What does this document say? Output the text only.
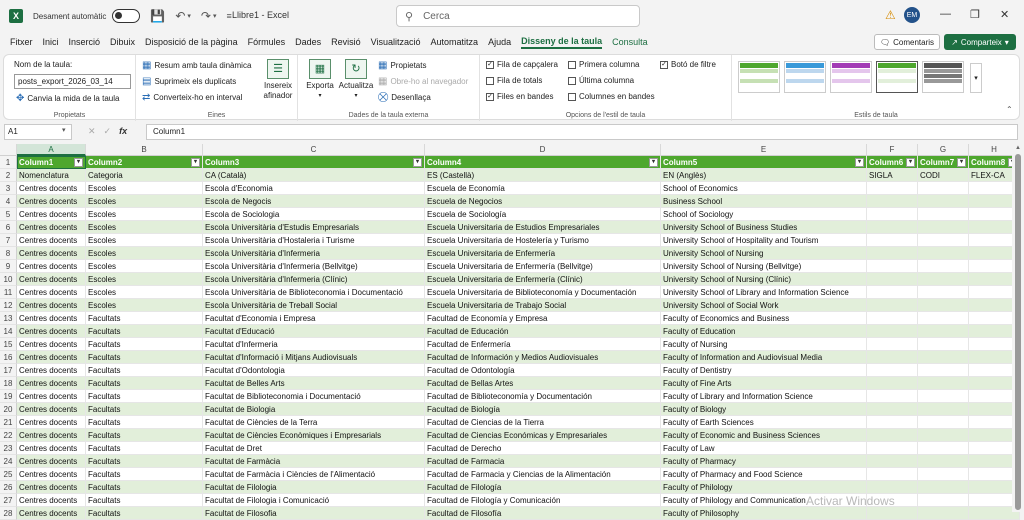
X	Desament automàtic	💾 ↶ ▾ ↷ ▾ ≡ Llibre1 - Excel	⚲ Cerca	⚠	EM — ❐ ✕
Fitxer Inici Inserció Dibuix Disposició de la pàgina Fórmules Dades Revisió Visualització Automatitza Ajuda Disseny de la taula Consulta	🗨 Comentaris ↗ Comparteix ▾
Nom de la taula:
posts_export_2026_03_14
✥ Canvia la mida de la taula
Propietats
▦ Resum amb taula dinàmica
▤ Suprimeix els duplicats
⇄ Converteix-ho en interval
☰
Insereix afinador
Eines
▦
Exporta
▾
↻
Actualitza
▾
▦ Propietats
▦ Obre-ho al navegador
⛒ Desenllaça
Dades de la taula externa
✓ Fila de capçalera
Fila de totals
✓ Files en bandes
Primera columna
Última columna
Columnes en bandes
✓ Botó de filtre
Opcions de l'estil de taula	Estils de taula
▾
⌃
A1	▾ ✕ ✓ fx	Column1
A	B	C	D	E	F	G	H
1	Column1	▾	Column2	▾	Column3	▾	Column4	▾	Column5	▾	Column6 ▾	Column7 ▾	Column8
2	Nomenclatura	Categoria	CA (Català)	ES (Castellà)	EN (Anglès)	SIGLA	CODI	FLEX-CA
3	Centres docents	Escoles	Escola d'Economia	Escuela de Economía	School of Economics
4	Centres docents	Escoles	Escola de Negocis	Escuela de Negocios	Business School
5	Centres docents	Escoles	Escola de Sociologia	Escuela de Sociología	School of Sociology
6	Centres docents	Escoles	Escola Universitària d'Estudis Empresarials	Escuela Universitaria de Estudios Empresariales	University School of Business Studies
7	Centres docents	Escoles	Escola Universitària d'Hostaleria i Turisme	Escuela Universitaria de Hostelería y Turismo	University School of Hospitality and Tourism
8	Centres docents	Escoles	Escola Universitària d'Infermeria	Escuela Universitaria de Enfermería	University School of Nursing
9	Centres docents	Escoles	Escola Universitària d'Infermeria (Bellvitge)	Escuela Universitaria de Enfermería (Bellvitge)	University School of Nursing (Bellvitge)
10 Centres docents	Escoles	Escola Universitària d'Infermeria (Clínic)	Escuela Universitaria de Enfermería (Clínic)	University School of Nursing (Clínic)
11 Centres docents	Escoles	Escola Universitària de Biblioteconomia i Documentació	Escuela Universitaria de Biblioteconomía y Documentación	University School of Library and Information Science
12 Centres docents	Escoles	Escola Universitària de Treball Social	Escuela Universitaria de Trabajo Social	University School of Social Work
13 Centres docents	Facultats	Facultat d'Economia i Empresa	Facultad de Economía y Empresa	Faculty of Economics and Business
14 Centres docents	Facultats	Facultat d'Educació	Facultad de Educación	Faculty of Education
15 Centres docents	Facultats	Facultat d'Infermeria	Facultad de Enfermería	Faculty of Nursing
16 Centres docents	Facultats	Facultat d'Informació i Mitjans Audiovisuals	Facultad de Información y Medios Audiovisuales	Faculty of Information and Audiovisual Media
17 Centres docents	Facultats	Facultat d'Odontologia	Facultad de Odontología	Faculty of Dentistry
18 Centres docents	Facultats	Facultat de Belles Arts	Facultad de Bellas Artes	Faculty of Fine Arts
19 Centres docents	Facultats	Facultat de Biblioteconomia i Documentació	Facultad de Biblioteconomía y Documentación	Faculty of Library and Information Science
20 Centres docents	Facultats	Facultat de Biologia	Facultad de Biología	Faculty of Biology
21 Centres docents	Facultats	Facultat de Ciències de la Terra	Facultad de Ciencias de la Tierra	Faculty of Earth Sciences
22 Centres docents	Facultats	Facultat de Ciències Econòmiques i Empresarials	Facultad de Ciencias Económicas y Empresariales	Faculty of Economic and Business Sciences
23 Centres docents	Facultats	Facultat de Dret	Facultad de Derecho	Faculty of Law
24 Centres docents	Facultats	Facultat de Farmàcia	Facultad de Farmacia	Faculty of Pharmacy
25 Centres docents	Facultats	Facultat de Farmàcia i Ciències de l'Alimentació	Facultad de Farmacia y Ciencias de la Alimentación	Faculty of Pharmacy and Food Science
26 Centres docents	Facultats	Facultat de Filologia	Facultad de Filología	Faculty of Philology
27 Centres docents	Facultats	Facultat de Filologia i Comunicació	Facultad de Filología y Comunicación	Faculty of Philology and Communication
28 Centres docents	Facultats	Facultat de Filosofia	Facultad de Filosofía	Faculty of Philosophy
▲
Activar Windows
